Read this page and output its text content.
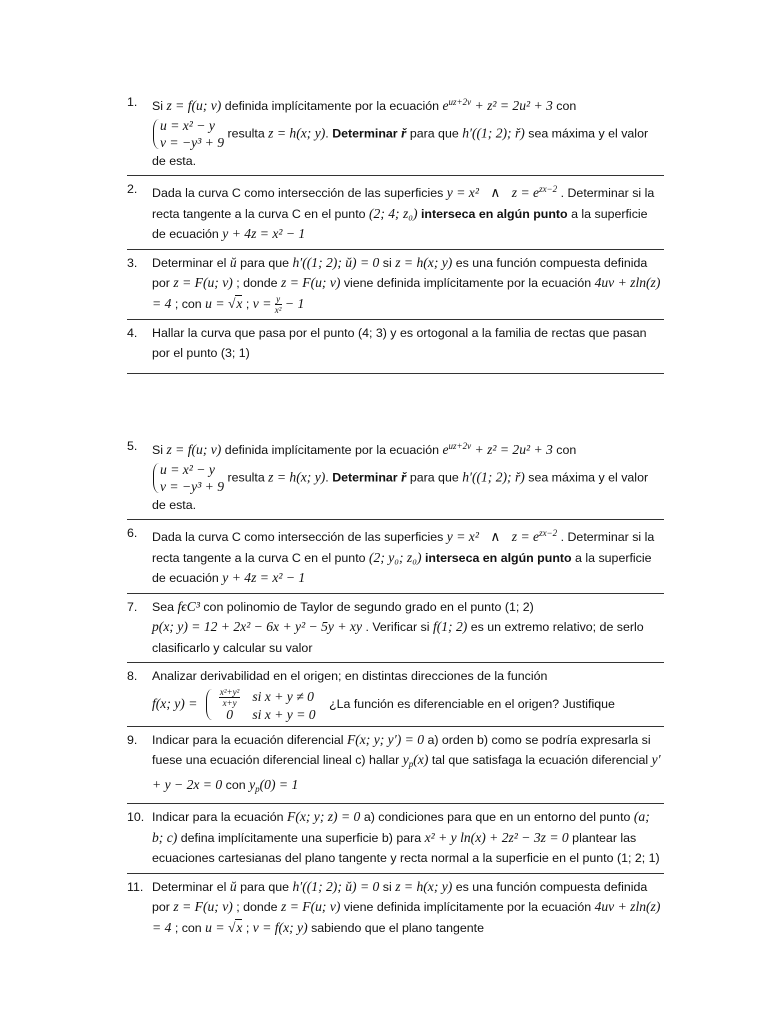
1.	Si z = f(u; v) definida implícitamente por la ecuación $e^{uz+2v} + z^2 = 2u^2 + 3$ con
u = x² − y
v = −y³ + 9
resulta z = h(x; y). Determinar ř para que h′((1; 2); ř) sea máxima y el valor de esta.
2.	Dada la curva C como intersección de las superficies y = x² ∧ $z = e^{zx-2}$ . Determinar si la recta tangente a la curva C en el punto (2; 4; z₀) interseca en algún punto a la superficie de ecuación y + 4z = x² − 1
3.	Determinar el ŭ para que h′((1; 2); ŭ) = 0 si z = h(x; y) es una función compuesta definida por z = F(u; v) ; donde z = F(u; v) viene definida implícitamente por la ecuación 4uv + zln(z) = 4 ; con u = √x ; $v = \frac{y}{\text{x²}} - 1$
4.	Hallar la curva que pasa por el punto (4; 3) y es ortogonal a la familia de rectas que pasan por el punto (3; 1)
5.	Si z = f(u; v) definida implícitamente por la ecuación $e^{uz+2v} + z^2 = 2u^2 + 3$ con
u = x² − y
v = −y³ + 9
resulta z = h(x; y). Determinar ř para que h′((1; 2); ř) sea máxima y el valor de esta.
6.	Dada la curva C como intersección de las superficies y = x² ∧ $z = e^{zx-2}$ . Determinar si la recta tangente a la curva C en el punto (2; y₀; z₀) interseca en algún punto a la superficie de ecuación y + 4z = x² − 1
7.	Sea fϵC³ con polinomio de Taylor de segundo grado en el punto (1; 2)
p(x; y) = 12 + 2x² − 6x + y² − 5y + xy . Verificar si f(1; 2) es un extremo relativo; de serlo clasificarlo y calcular su valor
8.	Analizar derivabilidad en el origen; en distintas direcciones de la función
f(x; $y) = \frac{\text{x²+y²}}{x+y}$	si x + y ≠ 0
0	si x + y = 0
¿La función es diferenciable en el origen? Justifique
9.	Indicar para la ecuación diferencial F(x; y; y′) = 0 a) orden b) como se podría expresarla si fuese una ecuación diferencial lineal c) hallar $y_p(x)$ tal que satisfaga la ecuación diferencial y′ + y − 2x = 0 con $y_p(0) = 1$
10. Indicar para la ecuación F(x; y; z) = 0 a) condiciones para que en un entorno del punto (a; b; c) defina implícitamente una superficie b) para x² + y ln(x) + 2z² − 3z = 0 plantear las ecuaciones cartesianas del plano tangente y recta normal a la superficie en el punto (1; 2; 1)
11. Determinar el ŭ para que h′((1; 2); ŭ) = 0 si z = h(x; y) es una función compuesta definida por z = F(u; v) ; donde z = F(u; v) viene definida implícitamente por la ecuación 4uv + zln(z) = 4 ; con u = √x ; v = f(x; y) sabiendo que el plano tangente
